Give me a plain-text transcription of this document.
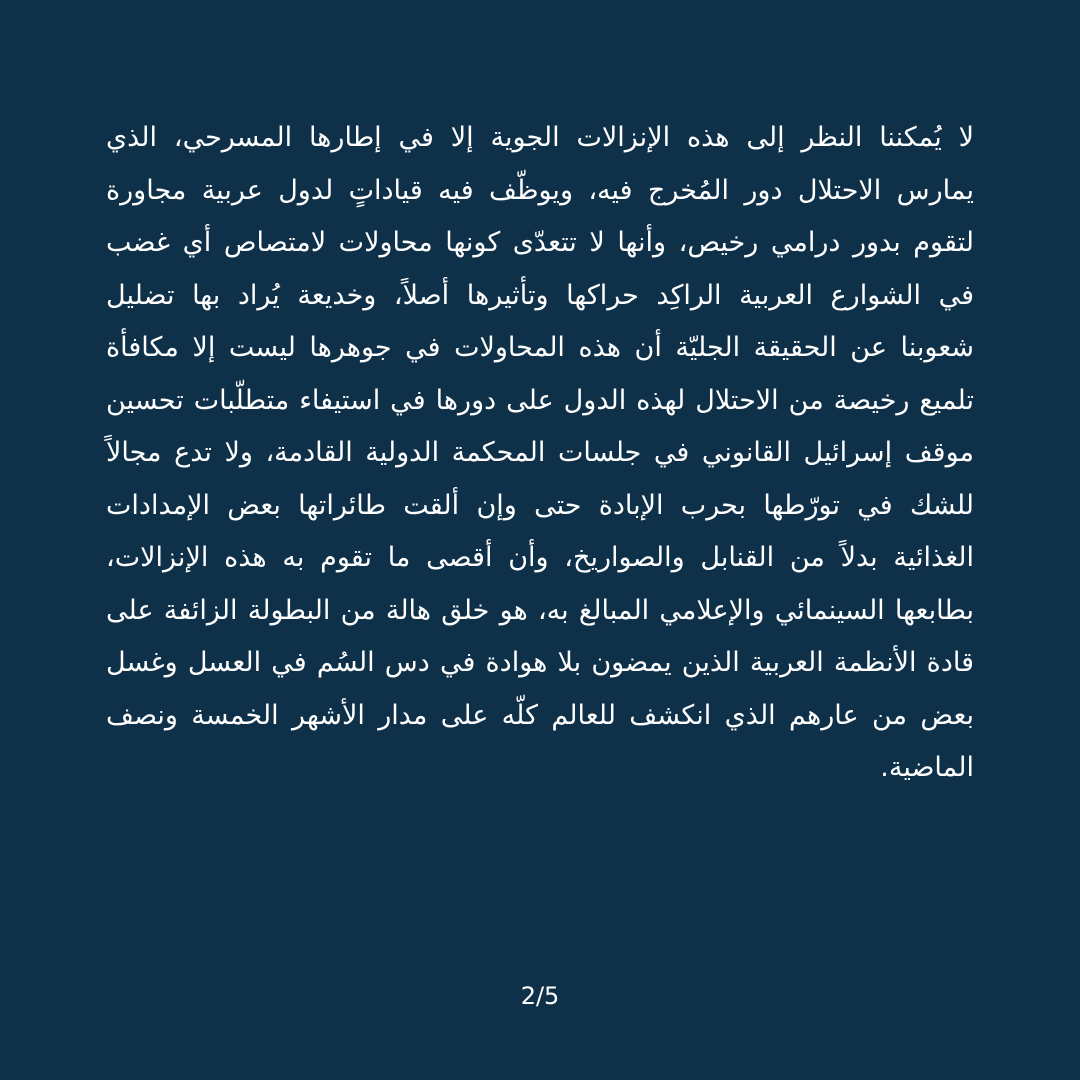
لا يُمكننا النظر إلى هذه الإنزالات الجوية إلا في إطارها المسرحي، الذي يمارس الاحتلال دور المُخرج فيه، ويوظّف فيه قياداتٍ لدول عربية مجاورة لتقوم بدور درامي رخيص، وأنها لا تتعدّى كونها محاولات لامتصاص أي غضب في الشوارع العربية الراكِد حراكها وتأثيرها أصلاً، وخديعة يُراد بها تضليل شعوبنا عن الحقيقة الجليّة أن هذه المحاولات في جوهرها ليست إلا مكافأة تلميع رخيصة من الاحتلال لهذه الدول على دورها في استيفاء متطلّبات تحسين موقف إسرائيل القانوني في جلسات المحكمة الدولية القادمة، ولا تدع مجالاً للشك في تورّطها بحرب الإبادة حتى وإن ألقت طائراتها بعض الإمدادات الغذائية بدلاً من القنابل والصواريخ، وأن أقصى ما تقوم به هذه الإنزالات، بطابعها السينمائي والإعلامي المبالغ به، هو خلق هالة من البطولة الزائفة على قادة الأنظمة العربية الذين يمضون بلا هوادة في دس السُم في العسل وغسل بعض من عارهم الذي انكشف للعالم كلّه على مدار الأشهر الخمسة ونصف الماضية.

2/5
